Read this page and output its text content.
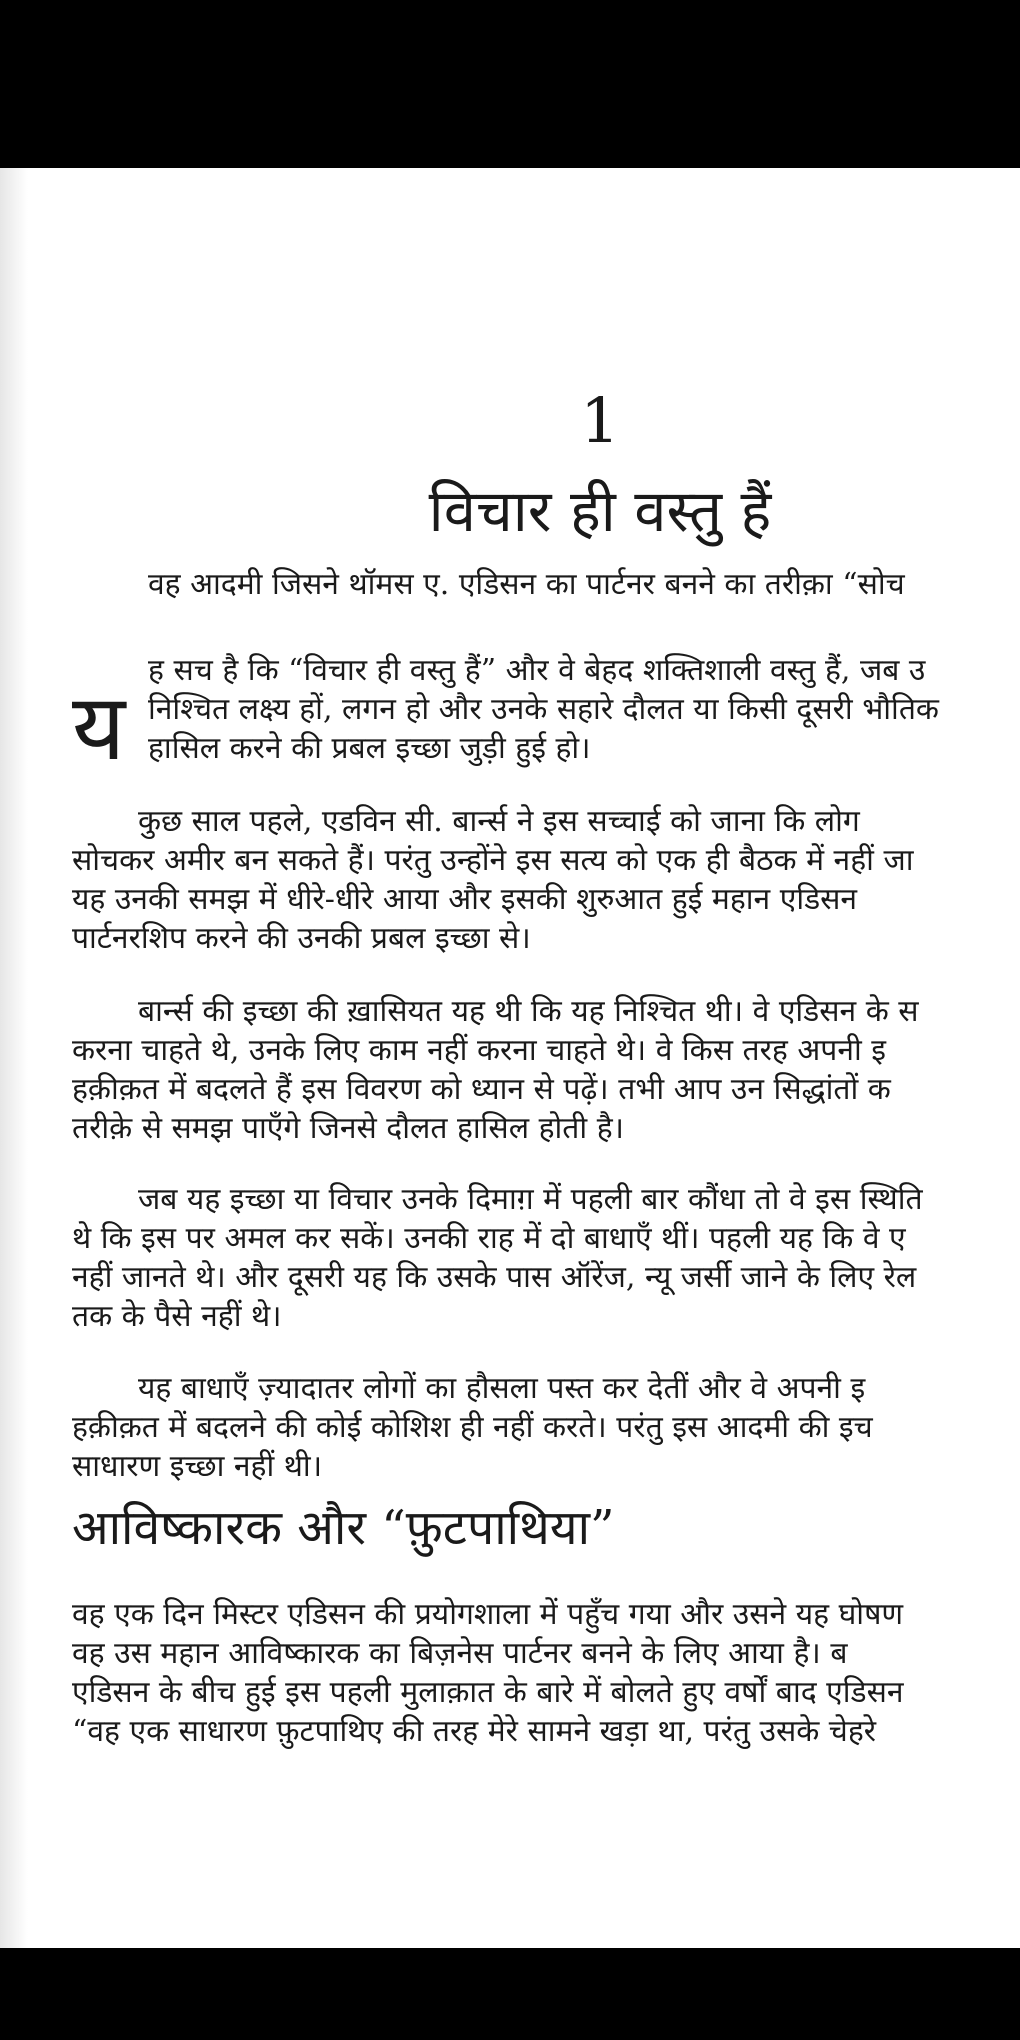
1
विचार ही वस्तु हैं
वह आदमी जिसने थॉमस ए. एडिसन का पार्टनर बनने का तरीक़ा “सोच
य
ह सच है कि “विचार ही वस्तु हैं” और वे बेहद शक्तिशाली वस्तु हैं, जब उ
निश्चित लक्ष्य हों, लगन हो और उनके सहारे दौलत या किसी दूसरी भौतिक
हासिल करने की प्रबल इच्छा जुड़ी हुई हो।
कुछ साल पहले, एडविन सी. बार्न्स ने इस सच्चाई को जाना कि लोग
सोचकर अमीर बन सकते हैं। परंतु उन्होंने इस सत्य को एक ही बैठक में नहीं जा
यह उनकी समझ में धीरे-धीरे आया और इसकी शुरुआत हुई महान एडिसन
पार्टनरशिप करने की उनकी प्रबल इच्छा से।
बार्न्स की इच्छा की ख़ासियत यह थी कि यह निश्चित थी। वे एडिसन के स
करना चाहते थे, उनके लिए काम नहीं करना चाहते थे। वे किस तरह अपनी इ
हक़ीक़त में बदलते हैं इस विवरण को ध्यान से पढ़ें। तभी आप उन सिद्धांतों क
तरीक़े से समझ पाएँगे जिनसे दौलत हासिल होती है।
जब यह इच्छा या विचार उनके दिमाग़ में पहली बार कौंधा तो वे इस स्थिति
थे कि इस पर अमल कर सकें। उनकी राह में दो बाधाएँ थीं। पहली यह कि वे ए
नहीं जानते थे। और दूसरी यह कि उसके पास ऑरेंज, न्यू जर्सी जाने के लिए रेल
तक के पैसे नहीं थे।
यह बाधाएँ ज़्यादातर लोगों का हौसला पस्त कर देतीं और वे अपनी इ
हक़ीक़त में बदलने की कोई कोशिश ही नहीं करते। परंतु इस आदमी की इच
साधारण इच्छा नहीं थी।
आविष्कारक और “फ़ुटपाथिया”
वह एक दिन मिस्टर एडिसन की प्रयोगशाला में पहुँच गया और उसने यह घोषण
वह उस महान आविष्कारक का बिज़नेस पार्टनर बनने के लिए आया है। ब
एडिसन के बीच हुई इस पहली मुलाक़ात के बारे में बोलते हुए वर्षों बाद एडिसन
“वह एक साधारण फ़ुटपाथिए की तरह मेरे सामने खड़ा था, परंतु उसके चेहरे
